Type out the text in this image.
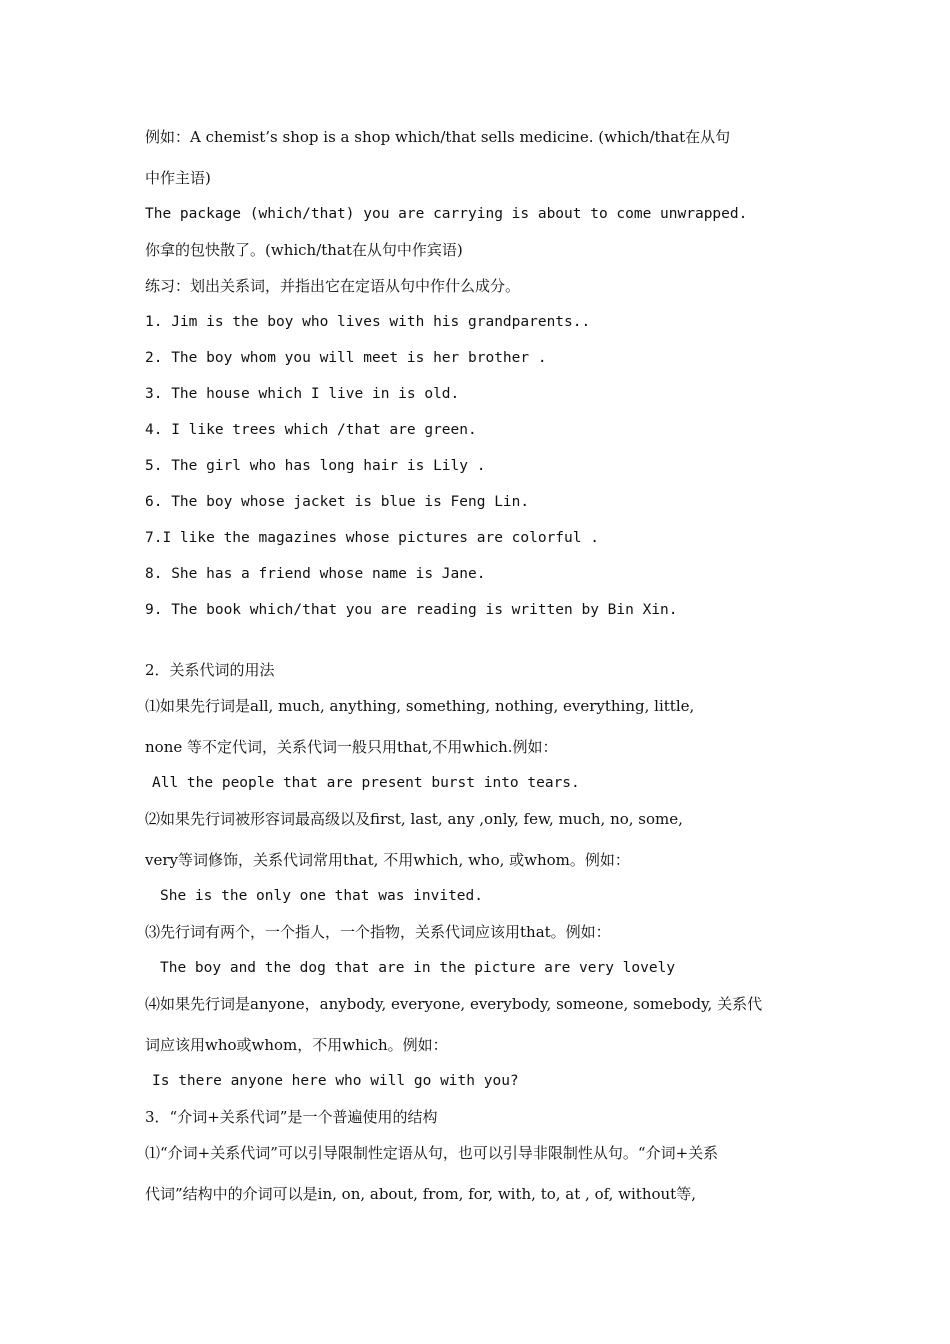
例如：A chemist’s shop is a shop which/that sells medicine. (which/that在从句
中作主语)
The package (which/that) you are carrying is about to come unwrapped.
你拿的包快散了。(which/that在从句中作宾语)
练习：划出关系词，并指出它在定语从句中作什么成分。
1. Jim is the boy who lives with his grandparents..
2. The boy whom you will meet is her brother .
3. The house which I live in is old.
4. I like trees which /that are green.
5. The girl who has long hair is Lily .
6. The boy whose jacket is blue is Feng Lin.
7.I like the magazines whose pictures are colorful .
8. She has a friend whose name is Jane.
9. The book which/that you are reading is written by Bin Xin.
2．关系代词的用法
⑴如果先行词是all, much, anything, something, nothing, everything, little,
none 等不定代词，关系代词一般只用that,不用which.例如：
All the people that are present burst into tears.
⑵如果先行词被形容词最高级以及first, last, any ,only, few, much, no, some,
very等词修饰，关系代词常用that, 不用which, who, 或whom。例如：
She is the only one that was invited.
⑶先行词有两个，一个指人，一个指物，关系代词应该用that。例如：
The boy and the dog that are in the picture are very lovely
⑷如果先行词是anyone，anybody, everyone, everybody, someone, somebody, 关系代
词应该用who或whom，不用which。例如：
Is there anyone here who will go with you?
3．“介词+关系代词”是一个普遍使用的结构
⑴“介词+关系代词”可以引导限制性定语从句，也可以引导非限制性从句。“介词+关系
代词”结构中的介词可以是in, on, about, from, for, with, to, at , of, without等,
